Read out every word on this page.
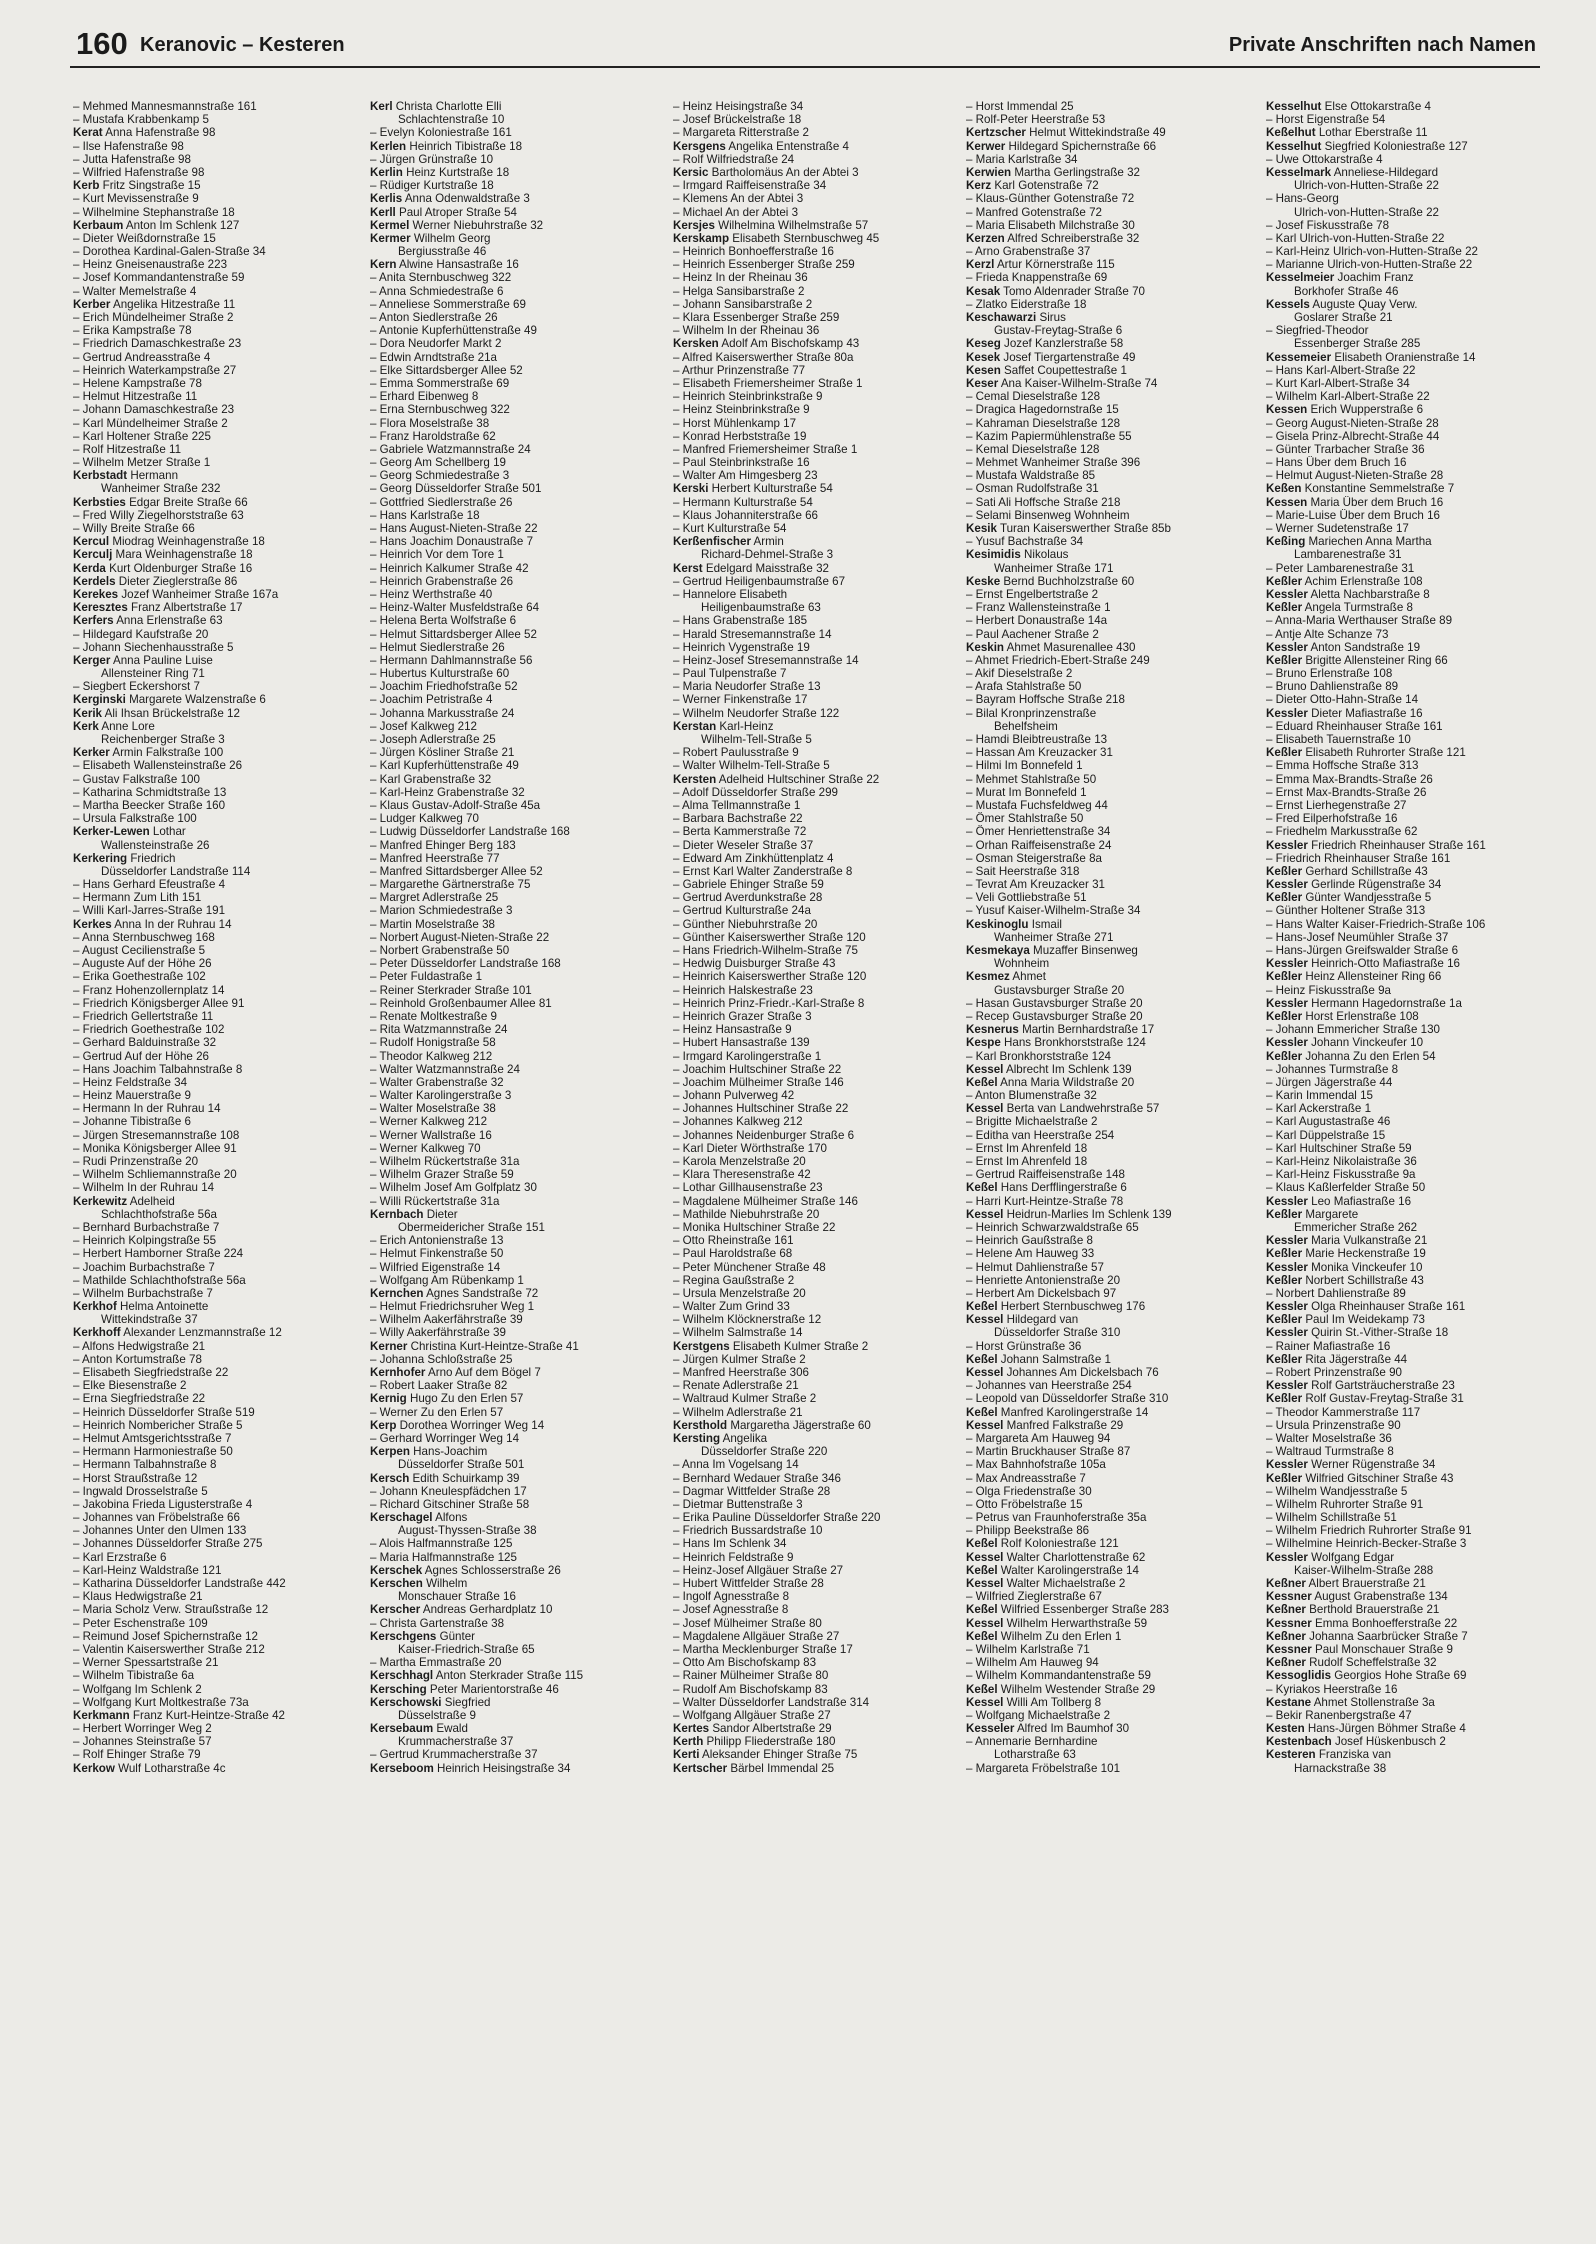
160 Keranovic – Kesteren	Private Anschriften nach Namen
– Mehmed Mannesmannstraße 161
– Mustafa Krabbenkamp 5
Kerat Anna Hafenstraße 98
– Ilse Hafenstraße 98
– Jutta Hafenstraße 98
– Wilfried Hafenstraße 98
Kerb Fritz Singstraße 15
– Kurt Mevissenstraße 9
– Wilhelmine Stephanstraße 18
Kerbaum Anton Im Schlenk 127
– Dieter Weißdornstraße 15
– Dorothea Kardinal-Galen-Straße 34
– Heinz Gneisenaustraße 223
– Josef Kommandantenstraße 59
– Walter Memelstraße 4
Kerber Angelika Hitzestraße 11
– Erich Mündelheimer Straße 2
– Erika Kampstraße 78
– Friedrich Damaschkestraße 23
– Gertrud Andreasstraße 4
– Heinrich Waterkampstraße 27
– Helene Kampstraße 78
– Helmut Hitzestraße 11
– Johann Damaschkestraße 23
– Karl Mündelheimer Straße 2
– Karl Holtener Straße 225
– Rolf Hitzestraße 11
– Wilhelm Metzer Straße 1
Kerbstadt Hermann
Wanheimer Straße 232
Kerbsties Edgar Breite Straße 66
– Fred Willy Ziegelhorststraße 63
– Willy Breite Straße 66
Kercul Miodrag Weinhagenstraße 18
Kerculj Mara Weinhagenstraße 18
Kerda Kurt Oldenburger Straße 16
Kerdels Dieter Zieglerstraße 86
Kerekes Jozef Wanheimer Straße 167a
Keresztes Franz Albertstraße 17
Kerfers Anna Erlenstraße 63
– Hildegard Kaufstraße 20
– Johann Siechenhausstraße 5
Kerger Anna Pauline Luise
Allensteiner Ring 71
– Siegbert Eckershorst 7
Kerginski Margarete Walzenstraße 6
Kerik Ali Ihsan Brückelstraße 12
Kerk Anne Lore
Reichenberger Straße 3
Kerker Armin Falkstraße 100
– Elisabeth Wallensteinstraße 26
– Gustav Falkstraße 100
– Katharina Schmidtstraße 13
– Martha Beecker Straße 160
– Ursula Falkstraße 100
Kerker-Lewen Lothar
Wallensteinstraße 26
Kerkering Friedrich
Düsseldorfer Landstraße 114
– Hans Gerhard Efeustraße 4
– Hermann Zum Lith 151
– Willi Karl-Jarres-Straße 191
Kerkes Anna In der Ruhrau 14
– Anna Sternbuschweg 168
– August Cecilienstraße 5
– Auguste Auf der Höhe 26
– Erika Goethestraße 102
– Franz Hohenzollernplatz 14
– Friedrich Königsberger Allee 91
– Friedrich Gellertstraße 11
– Friedrich Goethestraße 102
– Gerhard Balduinstraße 32
– Gertrud Auf der Höhe 26
– Hans Joachim Talbahnstraße 8
– Heinz Feldstraße 34
– Heinz Mauerstraße 9
– Hermann In der Ruhrau 14
– Johanne Tibistraße 6
– Jürgen Stresemannstraße 108
– Monika Königsberger Allee 91
– Rudi Prinzenstraße 20
– Wilhelm Schliemannstraße 20
– Wilhelm In der Ruhrau 14
Kerkewitz Adelheid
Schlachthofstraße 56a
– Bernhard Burbachstraße 7
– Heinrich Kolpingstraße 55
– Herbert Hamborner Straße 224
– Joachim Burbachstraße 7
– Mathilde Schlachthofstraße 56a
– Wilhelm Burbachstraße 7
Kerkhof Helma Antoinette
Wittekindstraße 37
Kerkhoff Alexander Lenzmannstraße 12
– Alfons Hedwigstraße 21
– Anton Kortumstraße 78
– Elisabeth Siegfriedstraße 22
– Elke Biesenstraße 2
– Erna Siegfriedstraße 22
– Heinrich Düsseldorfer Straße 519
– Heinrich Nombericher Straße 5
– Helmut Amtsgerichtsstraße 7
– Hermann Harmoniestraße 50
– Hermann Talbahnstraße 8
– Horst Straußstraße 12
– Ingwald Drosselstraße 5
– Jakobina Frieda Ligusterstraße 4
– Johannes van Fröbelstraße 66
– Johannes Unter den Ulmen 133
– Johannes Düsseldorfer Straße 275
– Karl Erzstraße 6
– Karl-Heinz Waldstraße 121
– Katharina Düsseldorfer Landstraße 442
– Klaus Hedwigstraße 21
– Maria Scholz Verw. Straußstraße 12
– Peter Eschenstraße 109
– Reimund Josef Spichernstraße 12
– Valentin Kaiserswerther Straße 212
– Werner Spessartstraße 21
– Wilhelm Tibistraße 6a
– Wolfgang Im Schlenk 2
– Wolfgang Kurt Moltkestraße 73a
Kerkmann Franz Kurt-Heintze-Straße 42
– Herbert Worringer Weg 2
– Johannes Steinstraße 57
– Rolf Ehinger Straße 79
Kerkow Wulf Lotharstraße 4c
Kerl Christa Charlotte Elli
Schlachtenstraße 10
– Evelyn Koloniestraße 161
Kerlen Heinrich Tibistraße 18
– Jürgen Grünstraße 10
Kerlin Heinz Kurtstraße 18
– Rüdiger Kurtstraße 18
Kerlis Anna Odenwaldstraße 3
Kerll Paul Atroper Straße 54
Kermel Werner Niebuhrstraße 32
Kermer Wilhelm Georg
Bergiusstraße 46
Kern Alwine Hansastraße 16
– Anita Sternbuschweg 322
– Anna Schmiedestraße 6
– Anneliese Sommerstraße 69
– Anton Siedlerstraße 26
– Antonie Kupferhüttenstraße 49
– Dora Neudorfer Markt 2
– Edwin Arndtstraße 21a
– Elke Sittardsberger Allee 52
– Emma Sommerstraße 69
– Erhard Eibenweg 8
– Erna Sternbuschweg 322
– Flora Moselstraße 38
– Franz Haroldstraße 62
– Gabriele Watzmannstraße 24
– Georg Am Schellberg 19
– Georg Schmiedestraße 3
– Georg Düsseldorfer Straße 501
– Gottfried Siedlerstraße 26
– Hans Karlstraße 18
– Hans August-Nieten-Straße 22
– Hans Joachim Donaustraße 7
– Heinrich Vor dem Tore 1
– Heinrich Kalkumer Straße 42
– Heinrich Grabenstraße 26
– Heinz Werthstraße 40
– Heinz-Walter Musfeldstraße 64
– Helena Berta Wolfstraße 6
– Helmut Sittardsberger Allee 52
– Helmut Siedlerstraße 26
– Hermann Dahlmannstraße 56
– Hubertus Kulturstraße 60
– Joachim Friedhofstraße 52
– Joachim Petristraße 4
– Johanna Markusstraße 24
– Josef Kalkweg 212
– Joseph Adlerstraße 25
– Jürgen Kösliner Straße 21
– Karl Kupferhüttenstraße 49
– Karl Grabenstraße 32
– Karl-Heinz Grabenstraße 32
– Klaus Gustav-Adolf-Straße 45a
– Ludger Kalkweg 70
– Ludwig Düsseldorfer Landstraße 168
– Manfred Ehinger Berg 183
– Manfred Heerstraße 77
– Manfred Sittardsberger Allee 52
– Margarethe Gärtnerstraße 75
– Margret Adlerstraße 25
– Marion Schmiedestraße 3
– Martin Moselstraße 38
– Norbert August-Nieten-Straße 22
– Norbert Grabenstraße 50
– Peter Düsseldorfer Landstraße 168
– Peter Fuldastraße 1
– Reiner Sterkrader Straße 101
– Reinhold Großenbaumer Allee 81
– Renate Moltkestraße 9
– Rita Watzmannstraße 24
– Rudolf Honigstraße 58
– Theodor Kalkweg 212
– Walter Watzmannstraße 24
– Walter Grabenstraße 32
– Walter Karolingerstraße 3
– Walter Moselstraße 38
– Werner Kalkweg 212
– Werner Wallstraße 16
– Werner Kalkweg 70
– Wilhelm Rückertstraße 31a
– Wilhelm Grazer Straße 59
– Wilhelm Josef Am Golfplatz 30
– Willi Rückertstraße 31a
Kernbach Dieter
Obermeidericher Straße 151
– Erich Antonienstraße 13
– Helmut Finkenstraße 50
– Wilfried Eigenstraße 14
– Wolfgang Am Rübenkamp 1
Kernchen Agnes Sandstraße 72
– Helmut Friedrichsruher Weg 1
– Wilhelm Aakerfährstraße 39
– Willy Aakerfährstraße 39
Kerner Christina Kurt-Heintze-Straße 41
– Johanna Schloßstraße 25
Kernhofer Arno Auf dem Bögel 7
– Robert Laaker Straße 82
Kernig Hugo Zu den Erlen 57
– Werner Zu den Erlen 57
Kerp Dorothea Worringer Weg 14
– Gerhard Worringer Weg 14
Kerpen Hans-Joachim
Düsseldorfer Straße 501
Kersch Edith Schuirkamp 39
– Johann Kneulespfädchen 17
– Richard Gitschiner Straße 58
Kerschagel Alfons
August-Thyssen-Straße 38
– Alois Halfmannstraße 125
– Maria Halfmannstraße 125
Kerschek Agnes Schlosserstraße 26
Kerschen Wilhelm
Monschauer Straße 16
Kerscher Andreas Gerhardplatz 10
– Christa Gartenstraße 38
Kerschgens Günter
Kaiser-Friedrich-Straße 65
– Martha Emmastraße 20
Kerschhagl Anton Sterkrader Straße 115
Kersching Peter Marientorstraße 46
Kerschowski Siegfried
Düsselstraße 9
Kersebaum Ewald
Krummacherstraße 37
– Gertrud Krummacherstraße 37
Kerseboom Heinrich Heisingstraße 34
– Heinz Heisingstraße 34
– Josef Brückelstraße 18
– Margareta Ritterstraße 2
Kersgens Angelika Entenstraße 4
– Rolf Wilfriedstraße 24
Kersic Bartholomäus An der Abtei 3
– Irmgard Raiffeisenstraße 34
– Klemens An der Abtei 3
– Michael An der Abtei 3
Kersjes Wilhelmina Wilhelmstraße 57
Kerskamp Elisabeth Sternbuschweg 45
– Heinrich Bonhoefferstraße 16
– Heinrich Essenberger Straße 259
– Heinz In der Rheinau 36
– Helga Sansibarstraße 2
– Johann Sansibarstraße 2
– Klara Essenberger Straße 259
– Wilhelm In der Rheinau 36
Kersken Adolf Am Bischofskamp 43
– Alfred Kaiserswerther Straße 80a
– Arthur Prinzenstraße 77
– Elisabeth Friemersheimer Straße 1
– Heinrich Steinbrinkstraße 9
– Heinz Steinbrinkstraße 9
– Horst Mühlenkamp 17
– Konrad Herbststraße 19
– Manfred Friemersheimer Straße 1
– Paul Steinbrinkstraße 16
– Walter Am Himgesberg 23
Kerski Herbert Kulturstraße 54
– Hermann Kulturstraße 54
– Klaus Johanniterstraße 66
– Kurt Kulturstraße 54
Kerßenfischer Armin
Richard-Dehmel-Straße 3
Kerst Edelgard Maisstraße 32
– Gertrud Heiligenbaumstraße 67
– Hannelore Elisabeth
Heiligenbaumstraße 63
– Hans Grabenstraße 185
– Harald Stresemannstraße 14
– Heinrich Vygenstraße 19
– Heinz-Josef Stresemannstraße 14
– Paul Tulpenstraße 7
– Maria Neudorfer Straße 13
– Werner Finkenstraße 17
– Wilhelm Neudorfer Straße 122
Kerstan Karl-Heinz
Wilhelm-Tell-Straße 5
– Robert Paulusstraße 9
– Walter Wilhelm-Tell-Straße 5
Kersten Adelheid Hultschiner Straße 22
– Adolf Düsseldorfer Straße 299
– Alma Tellmannstraße 1
– Barbara Bachstraße 22
– Berta Kammerstraße 72
– Dieter Weseler Straße 37
– Edward Am Zinkhüttenplatz 4
– Ernst Karl Walter Zanderstraße 8
– Gabriele Ehinger Straße 59
– Gertrud Averdunkstraße 28
– Gertrud Kulturstraße 24a
– Günther Niebuhrstraße 20
– Günther Kaiserswerther Straße 120
– Hans Friedrich-Wilhelm-Straße 75
– Hedwig Duisburger Straße 43
– Heinrich Kaiserswerther Straße 120
– Heinrich Halskestraße 23
– Heinrich Prinz-Friedr.-Karl-Straße 8
– Heinrich Grazer Straße 3
– Heinz Hansastraße 9
– Hubert Hansastraße 139
– Irmgard Karolingerstraße 1
– Joachim Hultschiner Straße 22
– Joachim Mülheimer Straße 146
– Johann Pulverweg 42
– Johannes Hultschiner Straße 22
– Johannes Kalkweg 212
– Johannes Neidenburger Straße 6
– Karl Dieter Wörthstraße 170
– Karola Menzelstraße 20
– Klara Theresenstraße 42
– Lothar Gillhausenstraße 23
– Magdalene Mülheimer Straße 146
– Mathilde Niebuhrstraße 20
– Monika Hultschiner Straße 22
– Otto Rheinstraße 161
– Paul Haroldstraße 68
– Peter Münchener Straße 48
– Regina Gaußstraße 2
– Ursula Menzelstraße 20
– Walter Zum Grind 33
– Wilhelm Klöcknerstraße 12
– Wilhelm Salmstraße 14
Kerstgens Elisabeth Kulmer Straße 2
– Jürgen Kulmer Straße 2
– Manfred Heerstraße 306
– Renate Adlerstraße 21
– Waltraud Kulmer Straße 2
– Wilhelm Adlerstraße 21
Kersthold Margaretha Jägerstraße 60
Kersting Angelika
Düsseldorfer Straße 220
– Anna Im Vogelsang 14
– Bernhard Wedauer Straße 346
– Dagmar Wittfelder Straße 28
– Dietmar Buttenstraße 3
– Erika Pauline Düsseldorfer Straße 220
– Friedrich Bussardstraße 10
– Hans Im Schlenk 34
– Heinrich Feldstraße 9
– Heinz-Josef Allgäuer Straße 27
– Hubert Wittfelder Straße 28
– Ingolf Agnesstraße 8
– Josef Agnesstraße 8
– Josef Mülheimer Straße 80
– Magdalene Allgäuer Straße 27
– Martha Mecklenburger Straße 17
– Otto Am Bischofskamp 83
– Rainer Mülheimer Straße 80
– Rudolf Am Bischofskamp 83
– Walter Düsseldorfer Landstraße 314
– Wolfgang Allgäuer Straße 27
Kertes Sandor Albertstraße 29
Kerth Philipp Fliederstraße 180
Kerti Aleksander Ehinger Straße 75
Kertscher Bärbel Immendal 25
– Horst Immendal 25
– Rolf-Peter Heerstraße 53
Kertzscher Helmut Wittekindstraße 49
Kerwer Hildegard Spichernstraße 66
– Maria Karlstraße 34
Kerwien Martha Gerlingstraße 32
Kerz Karl Gotenstraße 72
– Klaus-Günther Gotenstraße 72
– Manfred Gotenstraße 72
– Maria Elisabeth Milchstraße 30
Kerzen Alfred Schreiberstraße 32
– Arno Grabenstraße 37
Kerzl Artur Körnerstraße 115
– Frieda Knappenstraße 69
Kesak Tomo Aldenrader Straße 70
– Zlatko Eiderstraße 18
Keschawarzi Sirus
Gustav-Freytag-Straße 6
Keseg Jozef Kanzlerstraße 58
Kesek Josef Tiergartenstraße 49
Kesen Saffet Coupettestraße 1
Keser Ana Kaiser-Wilhelm-Straße 74
– Cemal Dieselstraße 128
– Dragica Hagedornstraße 15
– Kahraman Dieselstraße 128
– Kazim Papiermühlenstraße 55
– Kemal Dieselstraße 128
– Mehmet Wanheimer Straße 396
– Mustafa Waldstraße 85
– Osman Rudolfstraße 31
– Sati Ali Hoffsche Straße 218
– Selami Binsenweg Wohnheim
Kesik Turan Kaiserswerther Straße 85b
– Yusuf Bachstraße 34
Kesimidis Nikolaus
Wanheimer Straße 171
Keske Bernd Buchholzstraße 60
– Ernst Engelbertstraße 2
– Franz Wallensteinstraße 1
– Herbert Donaustraße 14a
– Paul Aachener Straße 2
Keskin Ahmet Masurenallee 430
– Ahmet Friedrich-Ebert-Straße 249
– Akif Dieselstraße 2
– Arafa Stahlstraße 50
– Bayram Hoffsche Straße 218
– Bilal Kronprinzenstraße
Behelfsheim
– Hamdi Bleibtreustraße 13
– Hassan Am Kreuzacker 31
– Hilmi Im Bonnefeld 1
– Mehmet Stahlstraße 50
– Murat Im Bonnefeld 1
– Mustafa Fuchsfeldweg 44
– Ömer Stahlstraße 50
– Ömer Henriettenstraße 34
– Orhan Raiffeisenstraße 24
– Osman Steigerstraße 8a
– Sait Heerstraße 318
– Tevrat Am Kreuzacker 31
– Veli Gottliebstraße 51
– Yusuf Kaiser-Wilhelm-Straße 34
Keskinoglu Ismail
Wanheimer Straße 271
Kesmekaya Muzaffer Binsenweg
Wohnheim
Kesmez Ahmet
Gustavsburger Straße 20
– Hasan Gustavsburger Straße 20
– Recep Gustavsburger Straße 20
Kesnerus Martin Bernhardstraße 17
Kespe Hans Bronkhorststraße 124
– Karl Bronkhorststraße 124
Kessel Albrecht Im Schlenk 139
Keßel Anna Maria Wildstraße 20
– Anton Blumenstraße 32
Kessel Berta van Landwehrstraße 57
– Brigitte Michaelstraße 2
– Editha van Heerstraße 254
– Ernst Im Ahrenfeld 18
– Ernst Im Ahrenfeld 18
– Gertrud Raiffeisenstraße 148
Keßel Hans Derfflingerstraße 6
– Harri Kurt-Heintze-Straße 78
Kessel Heidrun-Marlies Im Schlenk 139
– Heinrich Schwarzwaldstraße 65
– Heinrich Gaußstraße 8
– Helene Am Hauweg 33
– Helmut Dahlienstraße 57
– Henriette Antonienstraße 20
– Herbert Am Dickelsbach 97
Keßel Herbert Sternbuschweg 176
Kessel Hildegard van
Düsseldorfer Straße 310
– Horst Grünstraße 36
Keßel Johann Salmstraße 1
Kessel Johannes Am Dickelsbach 76
– Johannes van Heerstraße 254
– Leopold van Düsseldorfer Straße 310
Keßel Manfred Karolingerstraße 14
Kessel Manfred Falkstraße 29
– Margareta Am Hauweg 94
– Martin Bruckhauser Straße 87
– Max Bahnhofstraße 105a
– Max Andreasstraße 7
– Olga Friedenstraße 30
– Otto Fröbelstraße 15
– Petrus van Fraunhoferstraße 35a
– Philipp Beekstraße 86
Keßel Rolf Koloniestraße 121
Kessel Walter Charlottenstraße 62
Keßel Walter Karolingerstraße 14
Kessel Walter Michaelstraße 2
– Wilfried Zieglerstraße 67
Keßel Wilfried Essenberger Straße 283
Kessel Wilhelm Herwarthstraße 59
Keßel Wilhelm Zu den Erlen 1
– Wilhelm Karlstraße 71
– Wilhelm Am Hauweg 94
– Wilhelm Kommandantenstraße 59
Keßel Wilhelm Westender Straße 29
Kessel Willi Am Tollberg 8
– Wolfgang Michaelstraße 2
Kesseler Alfred Im Baumhof 30
– Annemarie Bernhardine
Lotharstraße 63
– Margareta Fröbelstraße 101
Kesselhut Else Ottokarstraße 4
– Horst Eigenstraße 54
Keßelhut Lothar Eberstraße 11
Kesselhut Siegfried Koloniestraße 127
– Uwe Ottokarstraße 4
Kesselmark Anneliese-Hildegard
Ulrich-von-Hutten-Straße 22
– Hans-Georg
Ulrich-von-Hutten-Straße 22
– Josef Fiskusstraße 78
– Karl Ulrich-von-Hutten-Straße 22
– Karl-Heinz Ulrich-von-Hutten-Straße 22
– Marianne Ulrich-von-Hutten-Straße 22
Kesselmeier Joachim Franz
Borkhofer Straße 46
Kessels Auguste Quay Verw.
Goslarer Straße 21
– Siegfried-Theodor
Essenberger Straße 285
Kessemeier Elisabeth Oranienstraße 14
– Hans Karl-Albert-Straße 22
– Kurt Karl-Albert-Straße 34
– Wilhelm Karl-Albert-Straße 22
Kessen Erich Wupperstraße 6
– Georg August-Nieten-Straße 28
– Gisela Prinz-Albrecht-Straße 44
– Günter Trarbacher Straße 36
– Hans Über dem Bruch 16
– Helmut August-Nieten-Straße 28
Keßen Konstantine Semmelstraße 7
Kessen Maria Über dem Bruch 16
– Marie-Luise Über dem Bruch 16
– Werner Sudetenstraße 17
Keßing Mariechen Anna Martha
Lambarenestraße 31
– Peter Lambarenestraße 31
Keßler Achim Erlenstraße 108
Kessler Aletta Nachbarstraße 8
Keßler Angela Turmstraße 8
– Anna-Maria Werthauser Straße 89
– Antje Alte Schanze 73
Kessler Anton Sandstraße 19
Keßler Brigitte Allensteiner Ring 66
– Bruno Erlenstraße 108
– Bruno Dahlienstraße 89
– Dieter Otto-Hahn-Straße 14
Kessler Dieter Mafiastraße 16
– Eduard Rheinhauser Straße 161
– Elisabeth Tauernstraße 10
Keßler Elisabeth Ruhrorter Straße 121
– Emma Hoffsche Straße 313
– Emma Max-Brandts-Straße 26
– Ernst Max-Brandts-Straße 26
– Ernst Lierhegenstraße 27
– Fred Eilperhofstraße 16
– Friedhelm Markusstraße 62
Kessler Friedrich Rheinhauser Straße 161
– Friedrich Rheinhauser Straße 161
Keßler Gerhard Schillstraße 43
Kessler Gerlinde Rügenstraße 34
Keßler Günter Wandjesstraße 5
– Günther Holtener Straße 313
– Hans Walter Kaiser-Friedrich-Straße 106
– Hans-Josef Neumühler Straße 37
– Hans-Jürgen Greifswalder Straße 6
Kessler Heinrich-Otto Mafiastraße 16
Keßler Heinz Allensteiner Ring 66
– Heinz Fiskusstraße 9a
Kessler Hermann Hagedornstraße 1a
Keßler Horst Erlenstraße 108
– Johann Emmericher Straße 130
Kessler Johann Vinckeufer 10
Keßler Johanna Zu den Erlen 54
– Johannes Turmstraße 8
– Jürgen Jägerstraße 44
– Karin Immendal 15
– Karl Ackerstraße 1
– Karl Augustastraße 46
– Karl Düppelstraße 15
– Karl Hultschiner Straße 59
– Karl-Heinz Nikolaistraße 36
– Karl-Heinz Fiskusstraße 9a
– Klaus Kaßlerfelder Straße 50
Kessler Leo Mafiastraße 16
Keßler Margarete
Emmericher Straße 262
Kessler Maria Vulkanstraße 21
Keßler Marie Heckenstraße 19
Kessler Monika Vinckeufer 10
Keßler Norbert Schillstraße 43
– Norbert Dahlienstraße 89
Kessler Olga Rheinhauser Straße 161
Keßler Paul Im Weidekamp 73
Kessler Quirin St.-Vither-Straße 18
– Rainer Mafiastraße 16
Keßler Rita Jägerstraße 44
– Robert Prinzenstraße 90
Kessler Rolf Gartsträucherstraße 23
Keßler Rolf Gustav-Freytag-Straße 31
– Theodor Kammerstraße 117
– Ursula Prinzenstraße 90
– Walter Moselstraße 36
– Waltraud Turmstraße 8
Kessler Werner Rügenstraße 34
Keßler Wilfried Gitschiner Straße 43
– Wilhelm Wandjesstraße 5
– Wilhelm Ruhrorter Straße 91
– Wilhelm Schillstraße 51
– Wilhelm Friedrich Ruhrorter Straße 91
– Wilhelmine Heinrich-Becker-Straße 3
Kessler Wolfgang Edgar
Kaiser-Wilhelm-Straße 288
Keßner Albert Brauerstraße 21
Kessner August Grabenstraße 134
Keßner Berthold Brauerstraße 21
Kessner Emma Bonhoefferstraße 22
Keßner Johanna Saarbrücker Straße 7
Kessner Paul Monschauer Straße 9
Keßner Rudolf Scheffelstraße 32
Kessoglidis Georgios Hohe Straße 69
– Kyriakos Heerstraße 16
Kestane Ahmet Stollenstraße 3a
– Bekir Ranenbergstraße 47
Kesten Hans-Jürgen Böhmer Straße 4
Kestenbach Josef Hüskenbusch 2
Kesteren Franziska van
Harnackstraße 38
